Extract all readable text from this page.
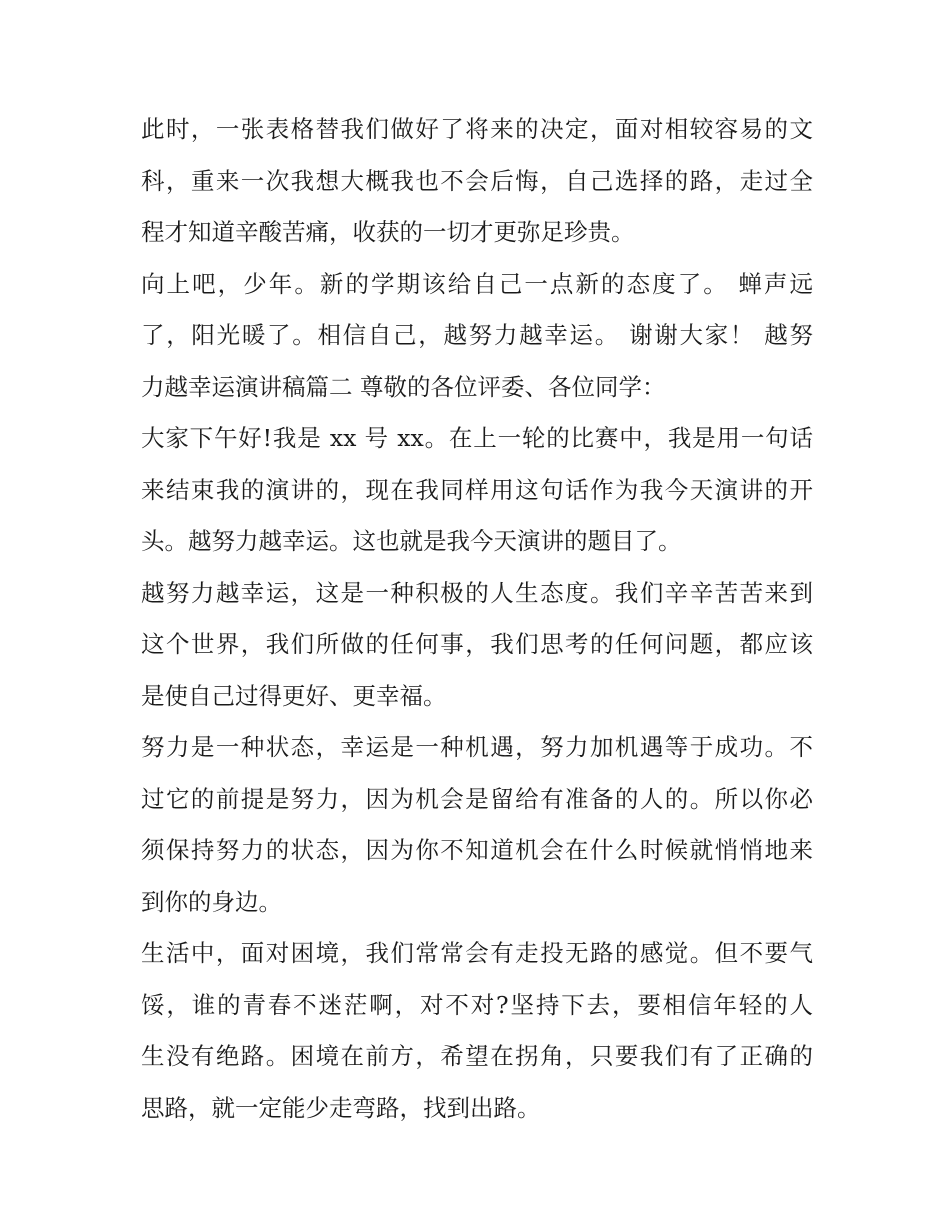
此时，一张表格替我们做好了将来的决定，面对相较容易的文
科，重来一次我想大概我也不会后悔，自己选择的路，走过全
程才知道辛酸苦痛，收获的一切才更弥足珍贵。
向上吧，少年。新的学期该给自己一点新的态度了。 蝉声远
了，阳光暖了。相信自己，越努力越幸运。 谢谢大家！ 越努
力越幸运演讲稿篇二 尊敬的各位评委、各位同学：
大家下午好!我是 xx 号 xx。在上一轮的比赛中，我是用一句话
来结束我的演讲的，现在我同样用这句话作为我今天演讲的开
头。越努力越幸运。这也就是我今天演讲的题目了。
越努力越幸运，这是一种积极的人生态度。我们辛辛苦苦来到
这个世界，我们所做的任何事，我们思考的任何问题，都应该
是使自己过得更好、更幸福。
努力是一种状态，幸运是一种机遇，努力加机遇等于成功。不
过它的前提是努力，因为机会是留给有准备的人的。所以你必
须保持努力的状态，因为你不知道机会在什么时候就悄悄地来
到你的身边。
生活中，面对困境，我们常常会有走投无路的感觉。但不要气
馁，谁的青春不迷茫啊，对不对?坚持下去，要相信年轻的人
生没有绝路。困境在前方，希望在拐角，只要我们有了正确的
思路，就一定能少走弯路，找到出路。
